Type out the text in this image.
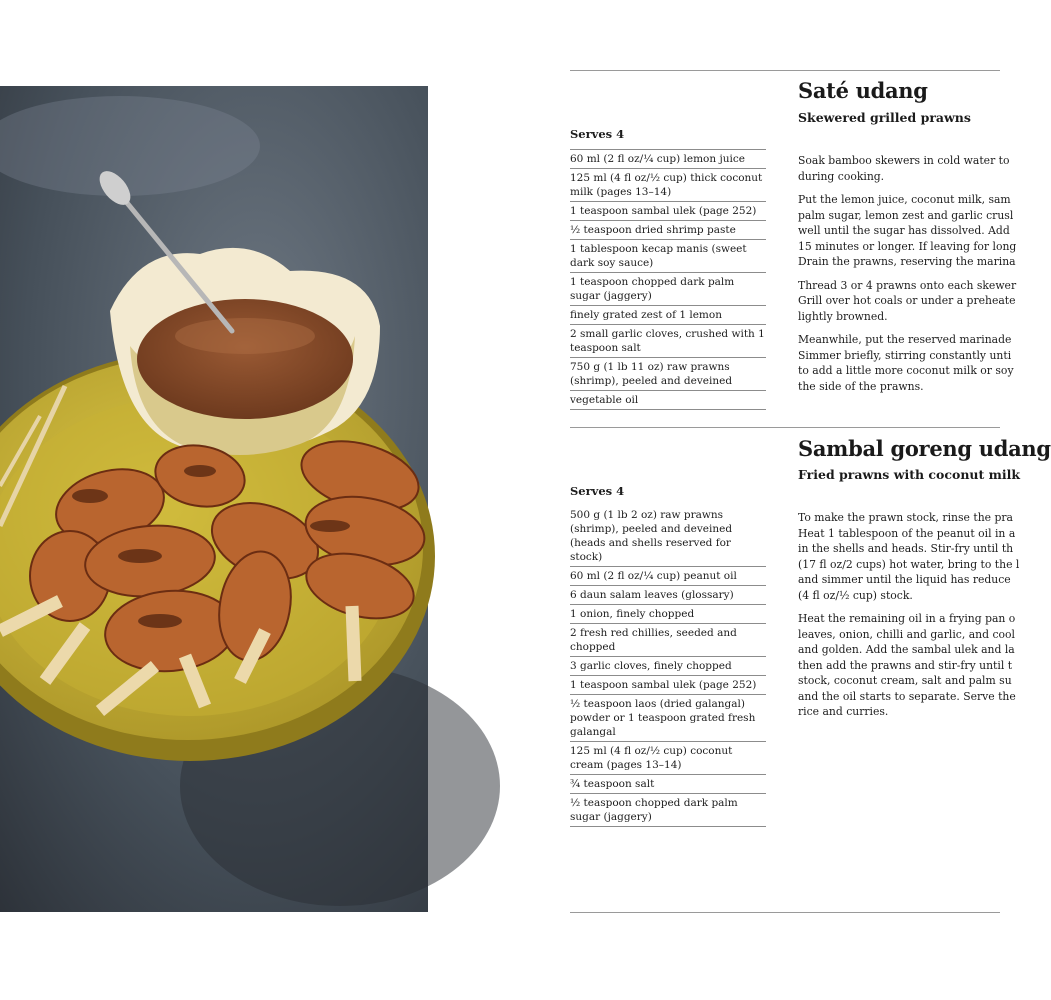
Saté udang
Skewered grilled prawns
Serves 4
60 ml (2 fl oz/¼ cup) lemon juice
125 ml (4 fl oz/½ cup) thick coconut milk (pages 13–14)
1 teaspoon sambal ulek (page 252)
½ teaspoon dried shrimp paste
1 tablespoon kecap manis (sweet dark soy sauce)
1 teaspoon chopped dark palm sugar (jaggery)
finely grated zest of 1 lemon
2 small garlic cloves, crushed with 1 teaspoon salt
750 g (1 lb 11 oz) raw prawns (shrimp), peeled and deveined
vegetable oil

Soak bamboo skewers in cold water to
during cooking.

Put the lemon juice, coconut milk, sam
palm sugar, lemon zest and garlic crusl
well until the sugar has dissolved. Add
15 minutes or longer. If leaving for long
Drain the prawns, reserving the marina

Thread 3 or 4 prawns onto each skewer
Grill over hot coals or under a preheate
lightly browned.

Meanwhile, put the reserved marinade
Simmer briefly, stirring constantly unti
to add a little more coconut milk or soy
the side of the prawns.

Sambal goreng udang
Fried prawns with coconut milk
Serves 4
500 g (1 lb 2 oz) raw prawns (shrimp), peeled and deveined (heads and shells reserved for stock)
60 ml (2 fl oz/¼ cup) peanut oil
6 daun salam leaves (glossary)
1 onion, finely chopped
2 fresh red chillies, seeded and chopped
3 garlic cloves, finely chopped
1 teaspoon sambal ulek (page 252)
½ teaspoon laos (dried galangal) powder or 1 teaspoon grated fresh galangal
125 ml (4 fl oz/½ cup) coconut cream (pages 13–14)
¾ teaspoon salt
½ teaspoon chopped dark palm sugar (jaggery)

To make the prawn stock, rinse the pra
Heat 1 tablespoon of the peanut oil in a
in the shells and heads. Stir-fry until th
(17 fl oz/2 cups) hot water, bring to the l
and simmer until the liquid has reduce
(4 fl oz/½ cup) stock.

Heat the remaining oil in a frying pan o
leaves, onion, chilli and garlic, and cool
and golden. Add the sambal ulek and la
then add the prawns and stir-fry until t
stock, coconut cream, salt and palm su
and the oil starts to separate. Serve the
rice and curries.
